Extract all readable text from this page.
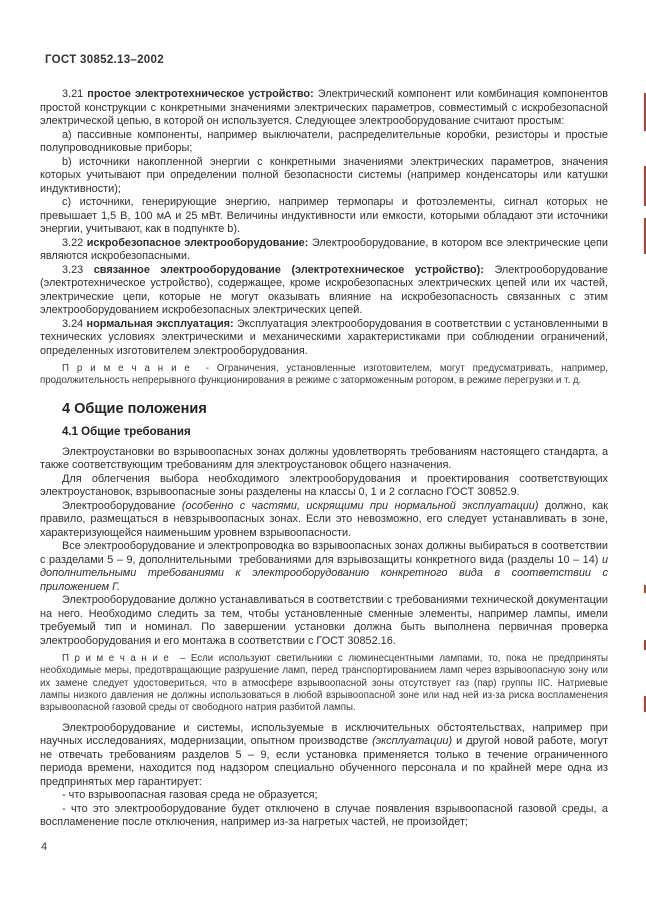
ГОСТ 30852.13–2002
3.21 простое электротехническое устройство: Электрический компонент или комбинация компонентов простой конструкции с конкретными значениями электрических параметров, совместимый с искробезопасной электрической цепью, в которой он используется. Следующее электрооборудование считают простым:
а) пассивные компоненты, например выключатели, распределительные коробки, резисторы и простые полупроводниковые приборы;
b) источники накопленной энергии с конкретными значениями электрических параметров, значения которых учитывают при определении полной безопасности системы (например конденсаторы или катушки индуктивности);
с) источники, генерирующие энергию, например термопары и фотоэлементы, сигнал которых не превышает 1,5 В, 100 мА и 25 мВт. Величины индуктивности или емкости, которыми обладают эти источники энергии, учитывают, как в подпункте b).
3.22 искробезопасное электрооборудование: Электрооборудование, в котором все электрические цепи являются искробезопасными.
3.23 связанное электрооборудование (электротехническое устройство): Электрооборудование (электротехническое устройство), содержащее, кроме искробезопасных электрических цепей или их частей,  электрические цепи, которые не могут оказывать влияние на искробезопасность связанных с этим электрооборудованием искробезопасных электрических цепей.
3.24 нормальная эксплуатация: Эксплуатация электрооборудования в соответствии с установленными в технических условиях электрическими и механическими характеристиками при соблюдении ограничений, определенных изготовителем электрооборудования.
П р и м е ч а н и е  - Ограничения, установленные изготовителем, могут предусматривать, например, продолжительность непрерывного функционирования в режиме с заторможенным ротором, в режиме перегрузки и т. д.
4 Общие положения
4.1 Общие требования
Электроустановки во взрывоопасных зонах должны удовлетворять требованиям настоящего стандарта, а также соответствующим требованиям для электроустановок общего назначения.
Для облегчения выбора необходимого электрооборудования и проектирования соответствующих электроустановок, взрывоопасные зоны разделены на классы 0, 1 и 2 согласно ГОСТ 30852.9.
Электрооборудование (особенно с частями, искрящими при нормальной эксплуатации) должно, как правило, размещаться в невзрывоопасных зонах. Если это невозможно, его следует устанавливать в зоне, характеризующейся наименьшим уровнем взрывоопасности.
Все электрооборудование и электропроводка во взрывоопасных зонах должны выбираться в соответствии с разделами 5 – 9, дополнительными  требованиями для взрывозащиты конкретного вида (разделы 10 – 14) и дополнительными требованиями к электрооборудованию конкретного вида в соответствии с приложением Г.
Электрооборудование должно устанавливаться в соответствии с требованиями технической документации на него. Необходимо следить за тем, чтобы установленные сменные элементы, например лампы, имели требуемый тип и номинал. По завершении установки должна быть выполнена первичная проверка электрооборудования и его монтажа в соответствии с ГОСТ 30852.16.
П р и м е ч а н и е  – Если используют светильники с люминесцентными лампами, то, пока не предприняты необходимые меры, предотвращающие разрушение ламп, перед транспортированием ламп через взрывоопасную зону или их замене следует удостовериться, что в атмосфере взрывоопасной зоны отсутствует газ (пар) группы IIС. Натриевые лампы низкого давления не должны использоваться в любой взрывоопасной зоне или над ней из-за риска воспламенения взрывоопасной газовой среды от свободного натрия разбитой лампы.
Электрооборудование и системы, используемые в исключительных обстоятельствах, например при научных исследованиях, модернизации, опытном производстве (эксплуатации) и другой новой работе, могут не отвечать требованиям разделов 5 – 9, если установка применяется только в течение ограниченного периода времени, находится под надзором специально обученного персонала и по крайней мере одна из предпринятых мер гарантирует:
- что взрывоопасная газовая среда не образуется;
- что это электрооборудование будет отключено в случае появления взрывоопасной газовой среды, а воспламенение после отключения, например из-за нагретых частей, не произойдет;
4
